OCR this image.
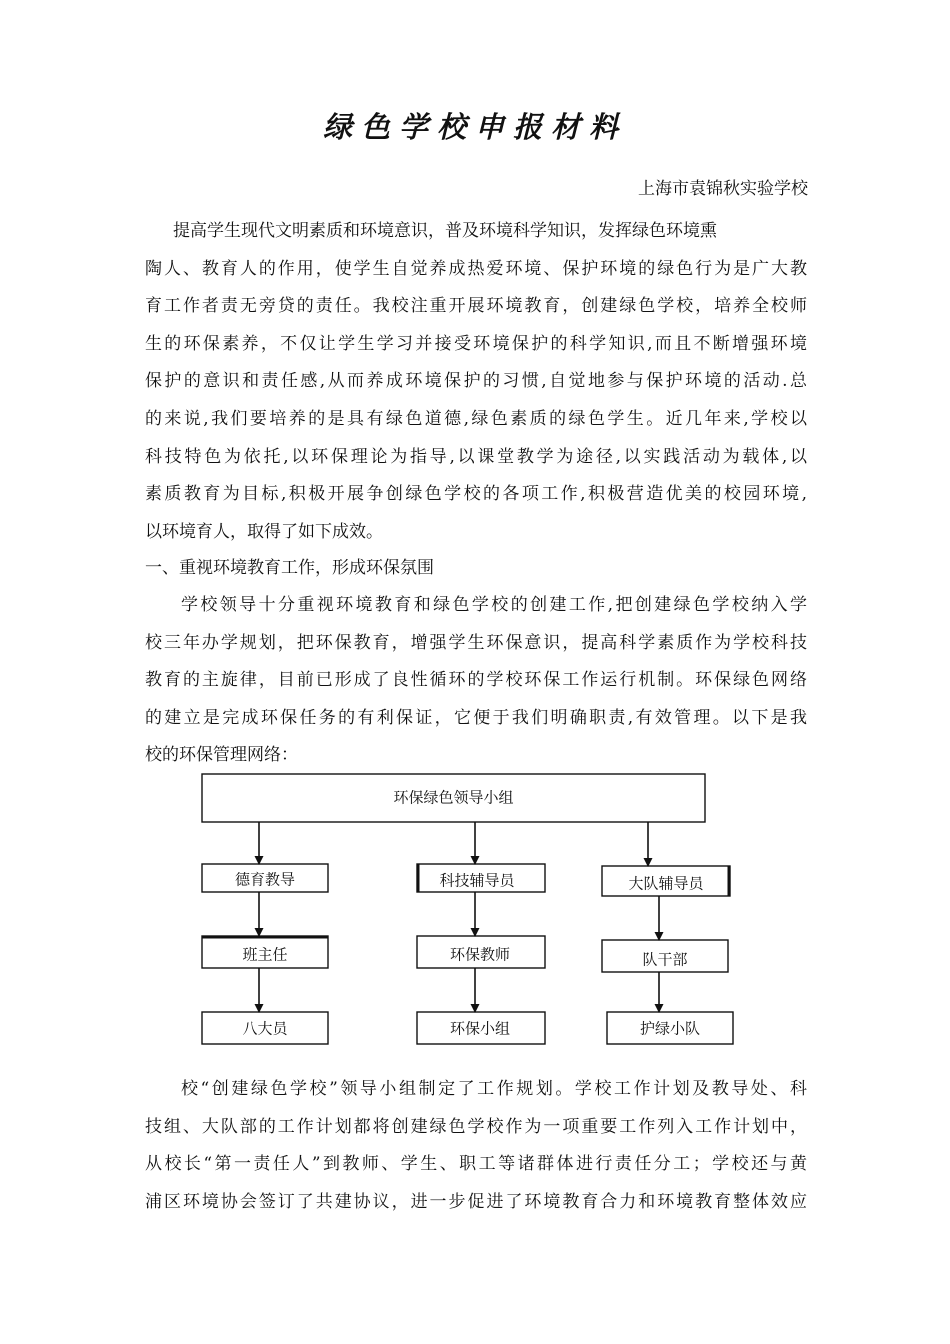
绿色学校申报材料
上海市袁锦秋实验学校
提高学生现代文明素质和环境意识，普及环境科学知识，发挥绿色环境熏
陶人、教育人的作用，使学生自觉养成热爱环境、保护环境的绿色行为是广大教
育工作者责无旁贷的责任。我校注重开展环境教育，创建绿色学校，培养全校师
生的环保素养，不仅让学生学习并接受环境保护的科学知识,而且不断增强环境
保护的意识和责任感,从而养成环境保护的习惯,自觉地参与保护环境的活动.总
的来说,我们要培养的是具有绿色道德,绿色素质的绿色学生。近几年来,学校以
科技特色为依托,以环保理论为指导,以课堂教学为途径,以实践活动为载体,以
素质教育为目标,积极开展争创绿色学校的各项工作,积极营造优美的校园环境,
以环境育人，取得了如下成效。
一、重视环境教育工作，形成环保氛围
学校领导十分重视环境教育和绿色学校的创建工作,把创建绿色学校纳入学
校三年办学规划，把环保教育，增强学生环保意识，提高科学素质作为学校科技
教育的主旋律，目前已形成了良性循环的学校环保工作运行机制。环保绿色网络
的建立是完成环保任务的有利保证，它便于我们明确职责,有效管理。以下是我
校的环保管理网络：
环保绿色领导小组
德育教导
班主任
八大员
科技辅导员
环保教师
环保小组
大队辅导员
队干部
护绿小队
校“创建绿色学校”领导小组制定了工作规划。学校工作计划及教导处、科
技组、大队部的工作计划都将创建绿色学校作为一项重要工作列入工作计划中，
从校长“第一责任人”到教师、学生、职工等诸群体进行责任分工；学校还与黄
浦区环境协会签订了共建协议，进一步促进了环境教育合力和环境教育整体效应
